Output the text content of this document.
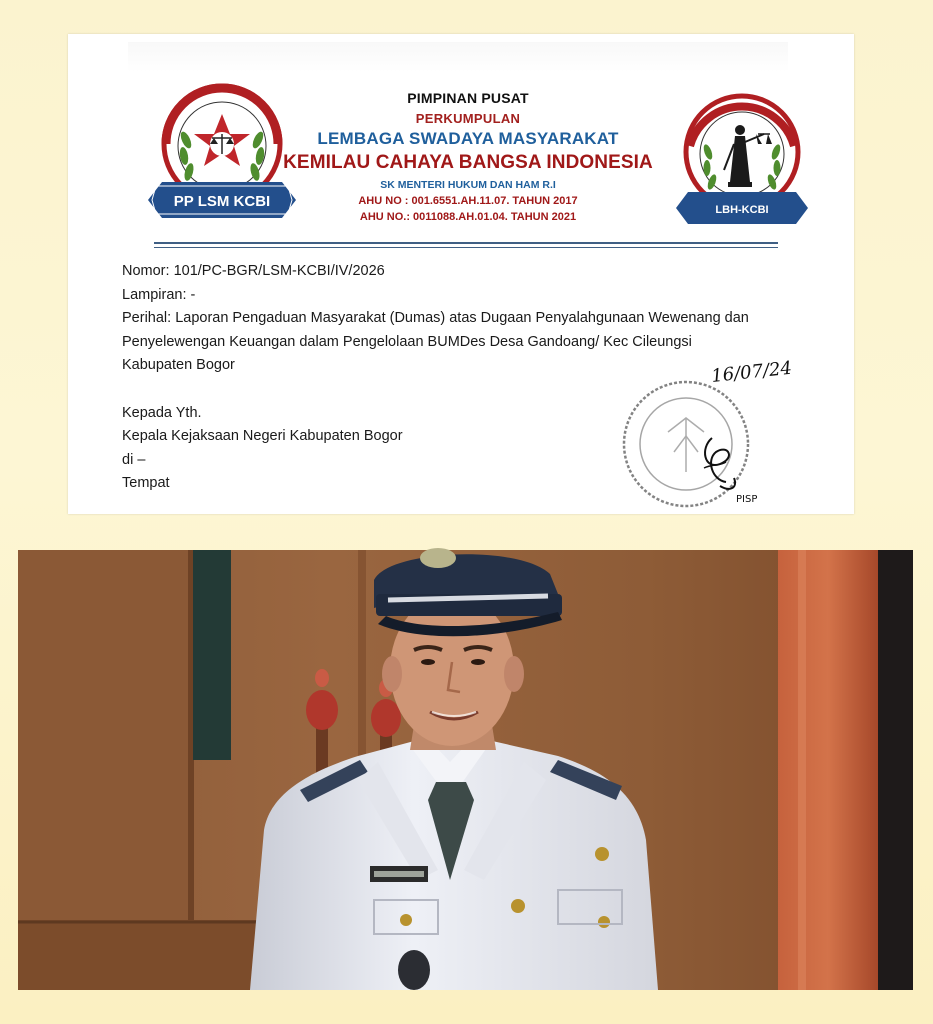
PP LSM KCBI
PIMPINAN PUSAT
PERKUMPULAN
LEMBAGA SWADAYA MASYARAKAT
KEMILAU CAHAYA BANGSA INDONESIA
SK MENTERI HUKUM DAN HAM R.I
AHU NO : 001.6551.AH.11.07. TAHUN 2017
AHU NO.: 0011088.AH.01.04. TAHUN 2021
LBH-KCBI
Nomor: 101/PC-BGR/LSM-KCBI/IV/2026
Lampiran: -
Perihal: Laporan Pengaduan Masyarakat (Dumas) atas Dugaan Penyalahgunaan Wewenang dan
Penyelewengan Keuangan dalam Pengelolaan BUMDes Desa Gandoang/ Kec Cileungsi
Kabupaten Bogor
Kepada Yth.
Kepala Kejaksaan Negeri Kabupaten Bogor
di –
Tempat
16/07/24
PISP
